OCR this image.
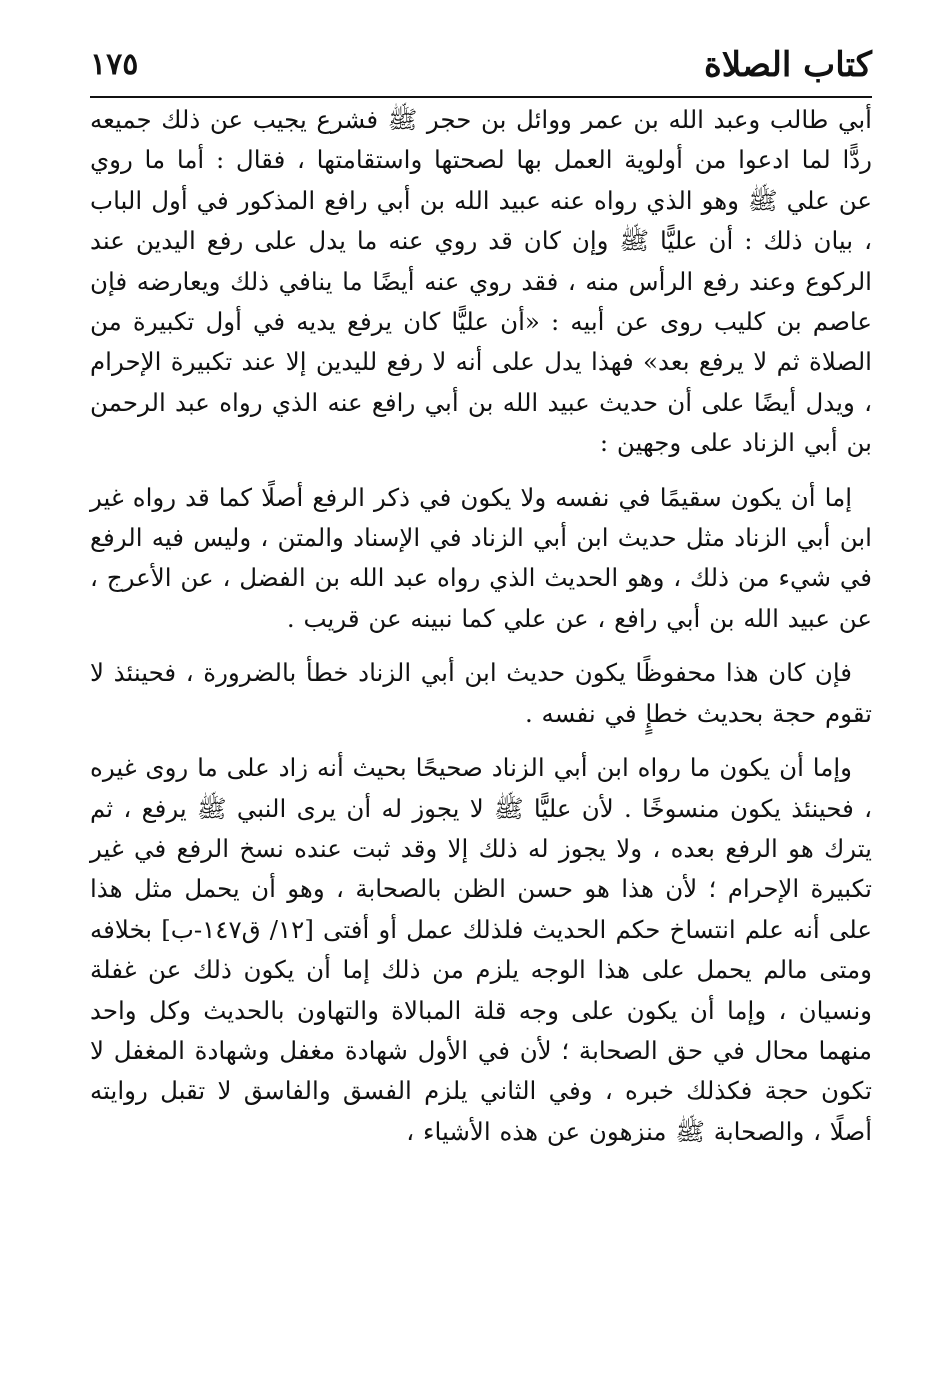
كتاب الصلاة
١٧٥

أبي طالب وعبد الله بن عمر ووائل بن حجر ﷺ فشرع يجيب عن ذلك جميعه ردًّا لما ادعوا من أولوية العمل بها لصحتها واستقامتها ، فقال : أما ما روي عن علي ﷺ وهو الذي رواه عنه عبيد الله بن أبي رافع المذكور في أول الباب ، بيان ذلك : أن عليًّا ﷺ وإن كان قد روي عنه ما يدل على رفع اليدين عند الركوع وعند رفع الرأس منه ، فقد روي عنه أيضًا ما ينافي ذلك ويعارضه فإن عاصم بن كليب روى عن أبيه : «أن عليًّا كان يرفع يديه في أول تكبيرة من الصلاة ثم لا يرفع بعد» فهذا يدل على أنه لا رفع لليدين إلا عند تكبيرة الإحرام ، ويدل أيضًا على أن حديث عبيد الله بن أبي رافع عنه الذي رواه عبد الرحمن بن أبي الزناد على وجهين :

إما أن يكون سقيمًا في نفسه ولا يكون في ذكر الرفع أصلًا كما قد رواه غير ابن أبي الزناد مثل حديث ابن أبي الزناد في الإسناد والمتن ، وليس فيه الرفع في شيء من ذلك ، وهو الحديث الذي رواه عبد الله بن الفضل ، عن الأعرج ، عن عبيد الله بن أبي رافع ، عن علي كما نبينه عن قريب .

فإن كان هذا محفوظًا يكون حديث ابن أبي الزناد خطأ بالضرورة ، فحينئذ لا تقوم حجة بحديث خطإٍ في نفسه .

وإما أن يكون ما رواه ابن أبي الزناد صحيحًا بحيث أنه زاد على ما روى غيره ، فحينئذ يكون منسوخًا . لأن عليًّا ﷺ لا يجوز له أن يرى النبي ﷺ يرفع ، ثم يترك هو الرفع بعده ، ولا يجوز له ذلك إلا وقد ثبت عنده نسخ الرفع في غير تكبيرة الإحرام ؛ لأن هذا هو حسن الظن بالصحابة ، وهو أن يحمل مثل هذا على أنه علم انتساخ حكم الحديث فلذلك عمل أو أفتى [١٢/ ق١٤٧-ب] بخلافه ومتى مالم يحمل على هذا الوجه يلزم من ذلك إما أن يكون ذلك عن غفلة ونسيان ، وإما أن يكون على وجه قلة المبالاة والتهاون بالحديث وكل واحد منهما محال في حق الصحابة ؛ لأن في الأول شهادة مغفل وشهادة المغفل لا تكون حجة فكذلك خبره ، وفي الثاني يلزم الفسق والفاسق لا تقبل روايته أصلًا ، والصحابة ﷺ منزهون عن هذه الأشياء ،
